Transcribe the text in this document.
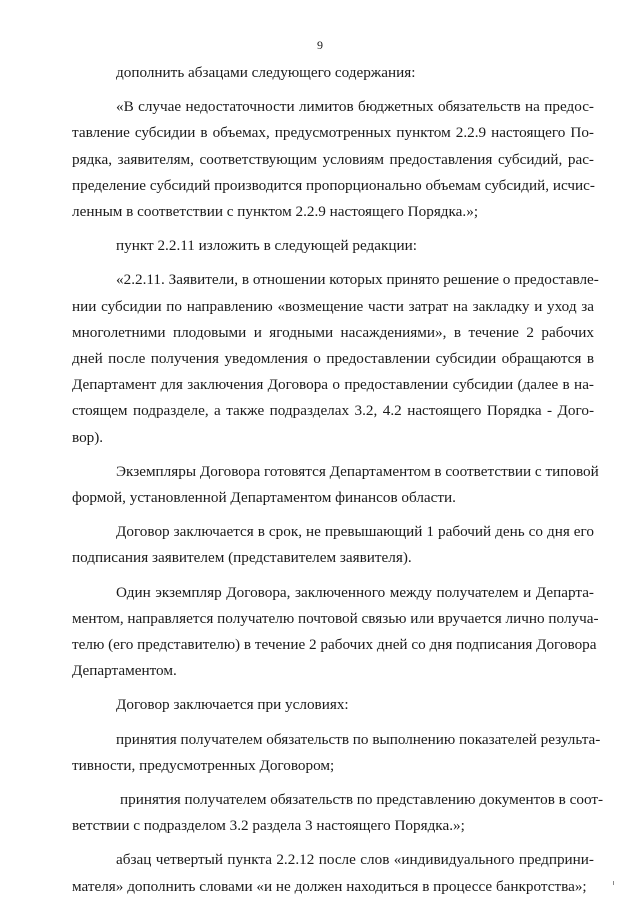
9

дополнить абзацами следующего содержания:

«В случае недостаточности лимитов бюджетных обязательств на предос-
тавление субсидии в объемах, предусмотренных пунктом 2.2.9 настоящего По-
рядка, заявителям, соответствующим условиям предоставления субсидий, рас-
пределение субсидий производится пропорционально объемам субсидий, исчис-
ленным в соответствии с пунктом 2.2.9 настоящего Порядка.»;

пункт 2.2.11 изложить в следующей редакции:

«2.2.11. Заявители, в отношении которых принято решение о предоставле-
нии субсидии по направлению «возмещение части затрат на закладку и уход за
многолетними плодовыми и ягодными насаждениями», в течение 2 рабочих
дней после получения уведомления о предоставлении субсидии обращаются в
Департамент для заключения Договора о предоставлении субсидии (далее в на-
стоящем подразделе, а также подразделах 3.2, 4.2 настоящего Порядка - Дого-
вор).

Экземпляры Договора готовятся Департаментом в соответствии с типовой
формой, установленной Департаментом финансов области.

Договор заключается в срок, не превышающий 1 рабочий день со дня его
подписания заявителем (представителем заявителя).

Один экземпляр Договора, заключенного между получателем и Департа-
ментом, направляется получателю почтовой связью или вручается лично получа-
телю (его представителю) в течение 2 рабочих дней со дня подписания Договора
Департаментом.

Договор заключается при условиях:

принятия получателем обязательств по выполнению показателей результа-
тивности, предусмотренных Договором;

принятия получателем обязательств по представлению документов в соот-
ветствии с подразделом 3.2 раздела 3 настоящего Порядка.»;

абзац четвертый пункта 2.2.12 после слов «индивидуального предприни-
мателя» дополнить словами «и не должен находиться в процессе банкротства»;
